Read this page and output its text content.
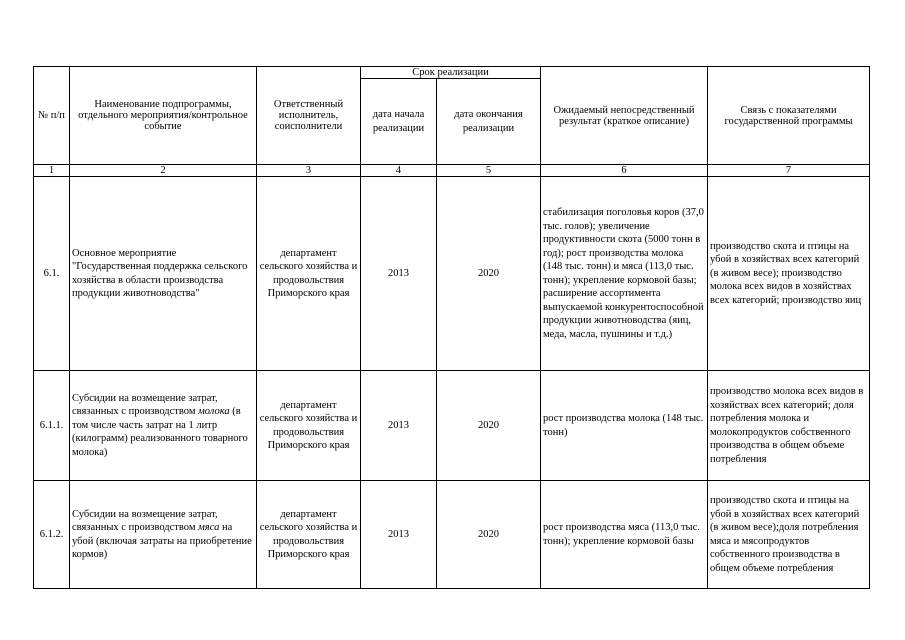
№ п/п	Наименование подпрограммы, отдельного мероприятия/контрольное событие	Ответственный исполнитель, соисполнители	Срок реализации		Ожидаемый непосредственный результат (краткое описание)	Связь с показателями государственной программы
			дата начала реализации	дата окончания реализации		
1	2	3	4	5	6	7
6.1.	Основное мероприятие "Государственная поддержка сельского хозяйства в области производства продукции животноводства"	департамент сельского хозяйства и продовольствия Приморского края	2013	2020	стабилизация поголовья коров (37,0 тыс. голов); увеличение продуктивности скота (5000 тонн в год); рост производства молока (148 тыс. тонн) и мяса (113,0 тыс. тонн); укрепление кормовой базы; расширение ассортимента выпускаемой конкурентоспособной продукции животноводства (яиц, меда, масла, пушнины и т.д.)	производство скота и птицы на убой в хозяйствах всех категорий (в живом весе); производство молока всех видов в хозяйствах всех категорий; производство яиц
6.1.1.	Субсидии на возмещение затрат, связанных с производством молока (в том числе часть затрат на 1 литр (килограмм) реализованного товарного молока)	департамент сельского хозяйства и продовольствия Приморского края	2013	2020	рост производства молока (148 тыс. тонн)	производство молока всех видов в хозяйствах всех категорий; доля потребления молока и молокопродуктов собственного производства в общем объеме потребления
6.1.2.	Субсидии на возмещение затрат, связанных с производством мяса на убой (включая затраты на приобретение кормов)	департамент сельского хозяйства и продовольствия Приморского края	2013	2020	рост производства мяса (113,0 тыс. тонн); укрепление кормовой базы	производство скота и птицы на убой в хозяйствах всех категорий (в живом весе);доля потребления мяса и мясопродуктов собственного производства в общем объеме потребления
